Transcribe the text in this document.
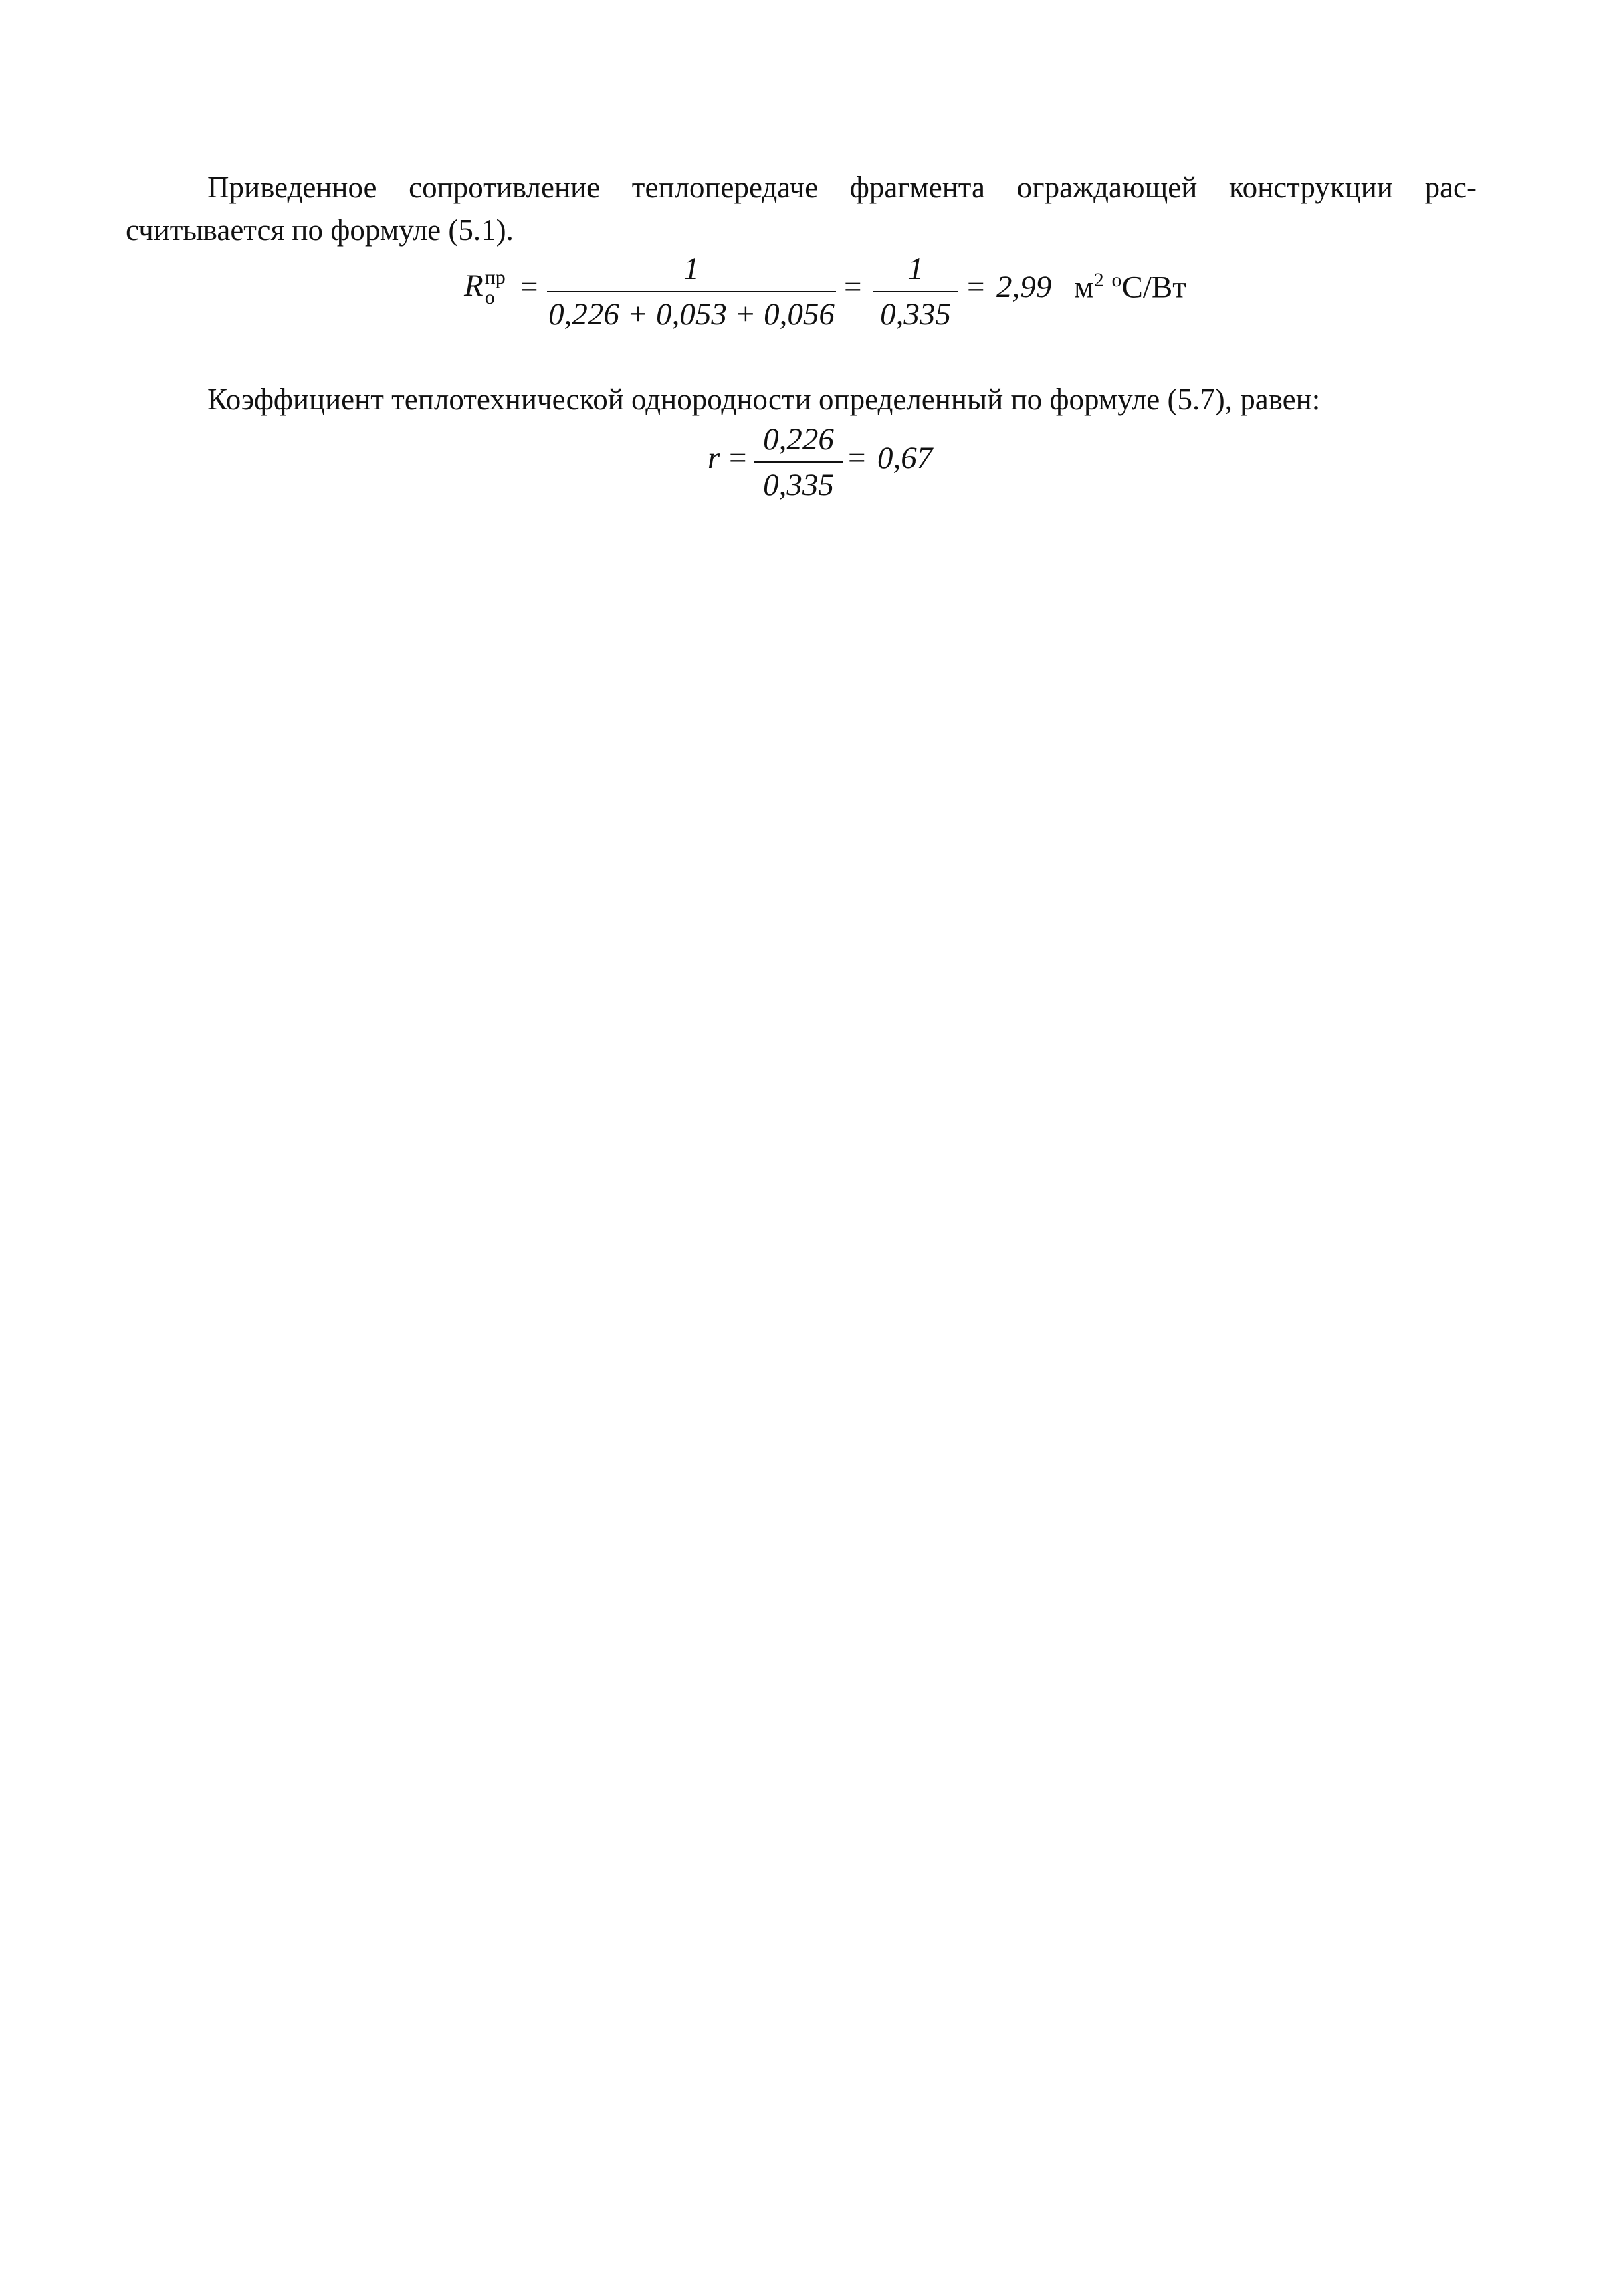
Приведенное сопротивление теплопередаче фрагмента ограждающей конструкции рас-считывается по формуле (5.1).

R пр
о =
1
0,226 + 0,053 + 0,056
=
1
0,335
= 2,99 $м^2$ $^о$С/Вт

Коэффициент теплотехнической однородности определенный по формуле (5.7), равен:

r =
0,226
0,335
= 0,67
